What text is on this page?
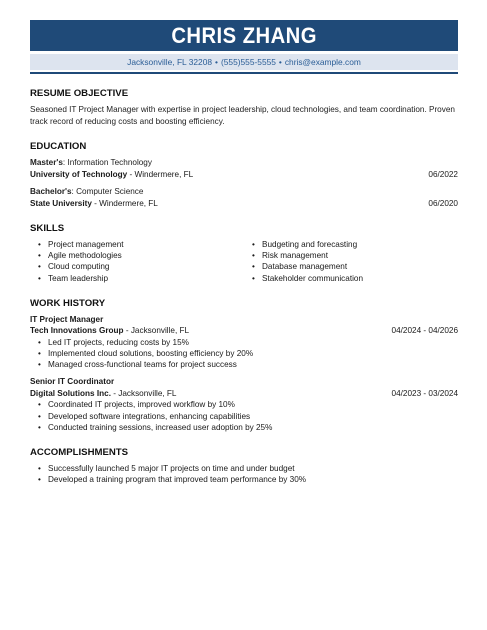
CHRIS ZHANG
Jacksonville, FL 32208 • (555)555-5555 • chris@example.com
RESUME OBJECTIVE
Seasoned IT Project Manager with expertise in project leadership, cloud technologies, and team coordination. Proven track record of reducing costs and boosting efficiency.
EDUCATION
Master's: Information Technology
University of Technology - Windermere, FL	06/2022
Bachelor's: Computer Science
State University - Windermere, FL	06/2020
SKILLS
• Project management
• Agile methodologies
• Cloud computing
• Team leadership
• Budgeting and forecasting
• Risk management
• Database management
• Stakeholder communication
WORK HISTORY
IT Project Manager
Tech Innovations Group - Jacksonville, FL	04/2024 - 04/2026
• Led IT projects, reducing costs by 15%
• Implemented cloud solutions, boosting efficiency by 20%
• Managed cross-functional teams for project success
Senior IT Coordinator
Digital Solutions Inc. - Jacksonville, FL	04/2023 - 03/2024
• Coordinated IT projects, improved workflow by 10%
• Developed software integrations, enhancing capabilities
• Conducted training sessions, increased user adoption by 25%
ACCOMPLISHMENTS
• Successfully launched 5 major IT projects on time and under budget
• Developed a training program that improved team performance by 30%
